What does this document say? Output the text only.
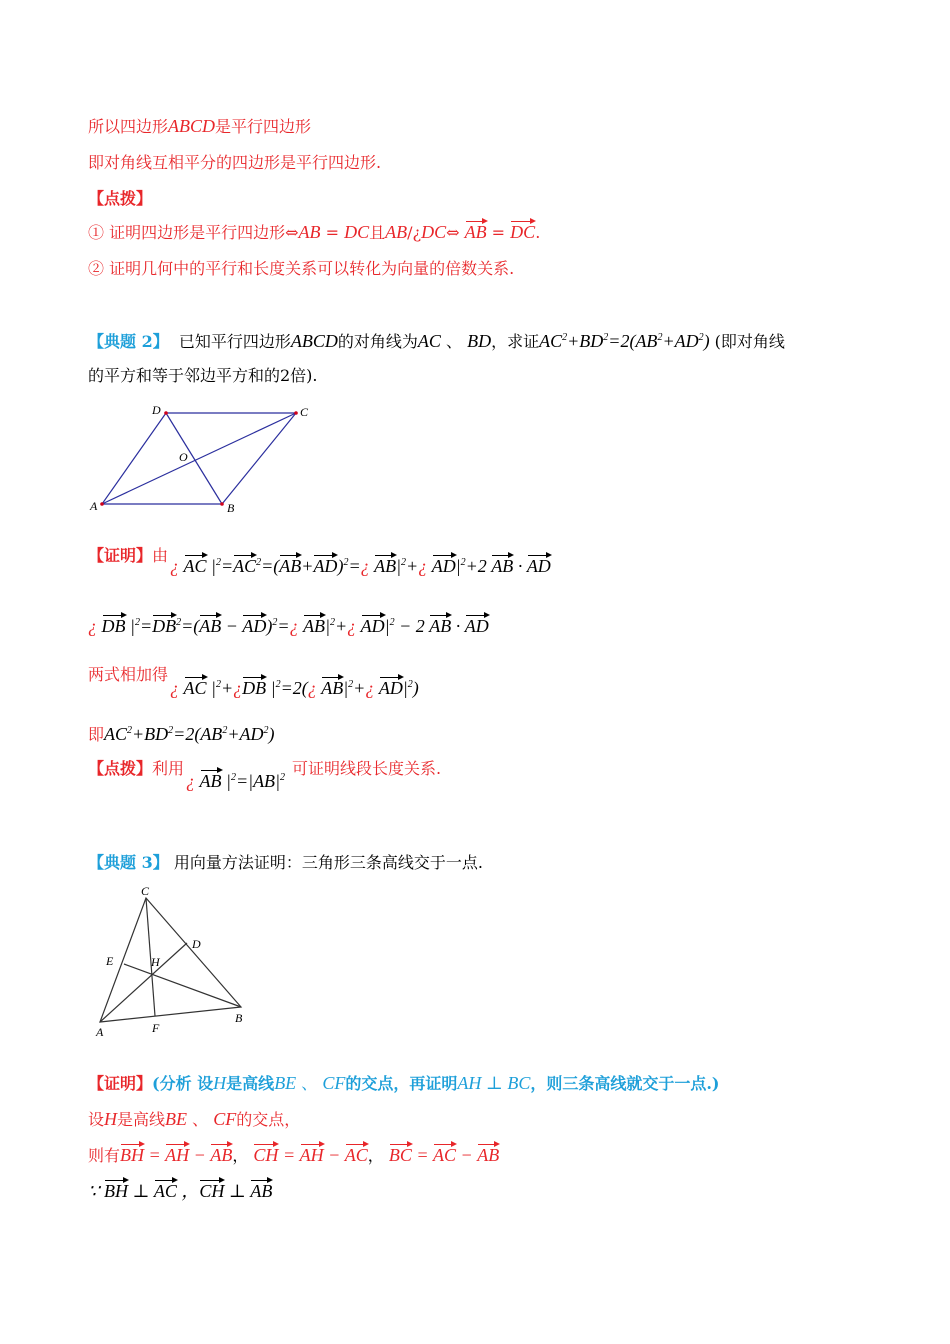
所以四边形ABCD是平行四边形
即对角线互相平分的四边形是平行四边形.
【点拨】
① 证明四边形是平行四边形⇔AB = DC且AB/¿DC⇔ AB = DC.
② 证明几何中的平行和长度关系可以转化为向量的倍数关系.
【典题 2】  已知平行四边形ABCD的对角线为AC 、 BD，求证$AC^2+BD^2=2(AB^2+AD^2)$ (即对角线
的平方和等于邻边平方和的2倍).
A	B
C
D
O
【证明】由
¿ AC $|^2=AC^2=(AB+AD)^2=¿$ $AB|^2+¿$ $AD|^2+2$ AB · AD
¿ DB $|^2=DB^2=(AB$ − AD)$^2$=¿ $AB|^2+¿$ $AD|^2 - 2$ AB · AD
两式相加得
¿ AC $|^2+¿DB$ $|^2=2(¿$ $AB|^2+¿$ $AD|^2$)
即$AC^2+BD^2=2(AB^2+AD^2)$
【点拨】利用
¿ AB $|^2=|AB|^2$ 可证明线段长度关系.
【典题 3】 用向量方法证明：三角形三条高线交于一点.
C
D
E	H
A	F
B
【证明】(分析 设H是高线BE 、 CF的交点，再证明AH ⊥ BC，则三条高线就交于一点.)
设H是高线BE 、 CF的交点，
则有BH = AH − AB， CH = AH − AC， BC = AC − AB
∵ BH ⊥ AC ，CH ⊥ AB
